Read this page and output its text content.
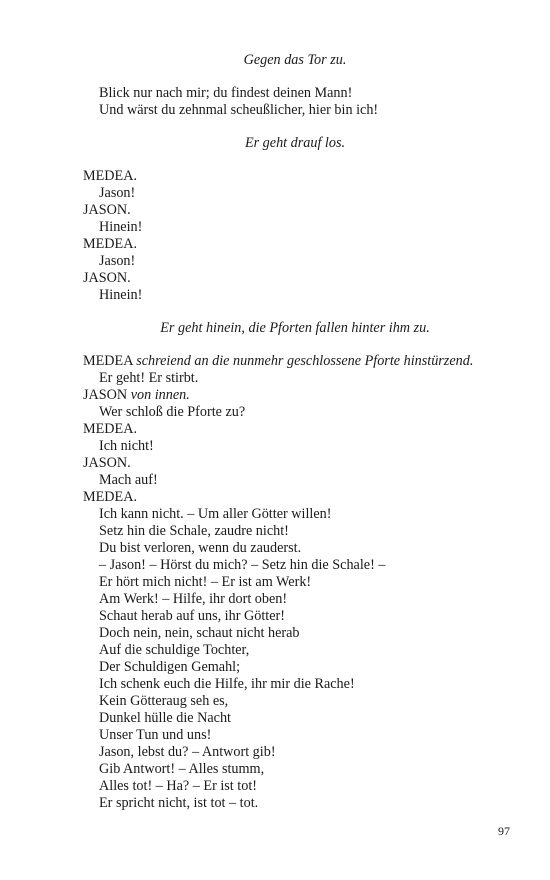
Gegen das Tor zu.
Blick nur nach mir; du findest deinen Mann!
Und wärst du zehnmal scheußlicher, hier bin ich!
Er geht drauf los.
MEDEA.
Jason!
JASON.
Hinein!
MEDEA.
Jason!
JASON.
Hinein!
Er geht hinein, die Pforten fallen hinter ihm zu.
MEDEA schreiend an die nunmehr geschlossene Pforte hinstürzend.
Er geht! Er stirbt.
JASON von innen.
Wer schloß die Pforte zu?
MEDEA.
Ich nicht!
JASON.
Mach auf!
MEDEA.
Ich kann nicht. – Um aller Götter willen!
Setz hin die Schale, zaudre nicht!
Du bist verloren, wenn du zauderst.
– Jason! – Hörst du mich? – Setz hin die Schale! –
Er hört mich nicht! – Er ist am Werk!
Am Werk! – Hilfe, ihr dort oben!
Schaut herab auf uns, ihr Götter!
Doch nein, nein, schaut nicht herab
Auf die schuldige Tochter,
Der Schuldigen Gemahl;
Ich schenk euch die Hilfe, ihr mir die Rache!
Kein Götteraug seh es,
Dunkel hülle die Nacht
Unser Tun und uns!
Jason, lebst du? – Antwort gib!
Gib Antwort! – Alles stumm,
Alles tot! – Ha? – Er ist tot!
Er spricht nicht, ist tot – tot.
97
